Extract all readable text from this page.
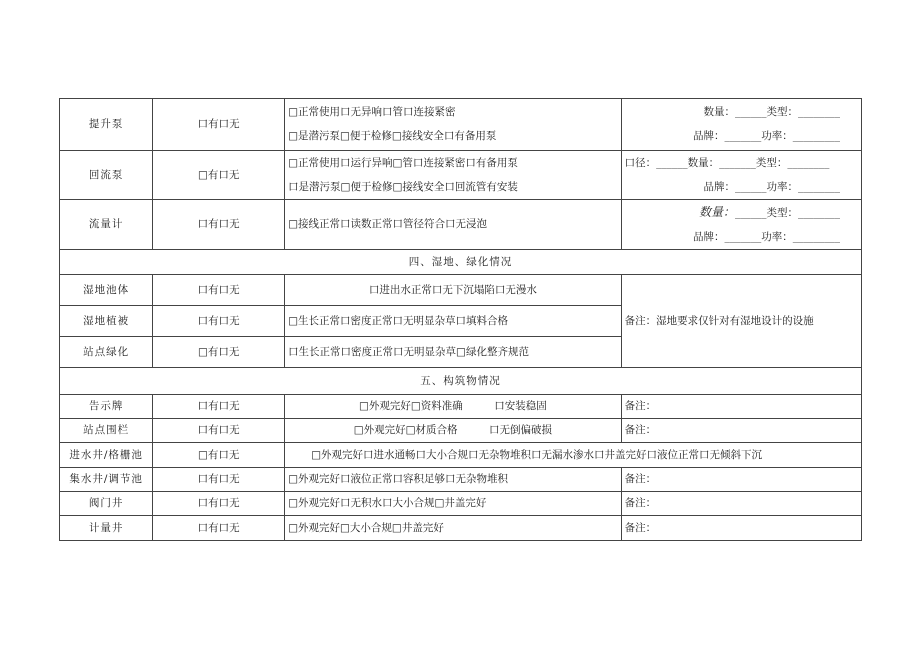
提升泵	口有口无	□正常使用口无异响口管口连接紧密
□是潜污泵□便于检修□接线安全口有备用泵	数量：______类型：________
品牌：_______功率：_________

回流泵	□有口无	□正常使用口运行异响□管口连接紧密口有备用泵
口是潜污泵□便于检修□接线安全口回流管有安装	口径：______数量：_______类型：________
品牌：______功率：________

流量计	口有口无	□接线正常口读数正常口管径符合口无浸泡	数量：______类型：________
品牌：_______功率：_________

四、湿地、绿化情况			
湿地池体	口有口无	口进出水正常口无下沉塌陷口无漫水	备注：湿地要求仅针对有湿地设计的设施
湿地植被	口有口无	□生长正常口密度正常口无明显杂草口填料合格	
站点绿化	□有口无	口生长正常口密度正常口无明显杂草□绿化整齐规范	
五、构筑物情况			
告示牌	口有口无	□外观完好□资料准确　　　口安装稳固	备注：
站点围栏	口有口无	□外观完好□材质合格　　　口无倒偏破损	备注：
进水井/格栅池	□有口无	□外观完好口进水通畅口大小合规口无杂物堆积口无漏水渗水口井盖完好口液位正常口无倾斜下沉	
集水井/调节池	口有口无	□外观完好口液位正常口容积足够口无杂物堆积	备注：
阀门井	口有口无	□外观完好口无积水口大小合规□井盖完好	备注：
计量井	口有口无	□外观完好□大小合规□井盖完好	备注：
